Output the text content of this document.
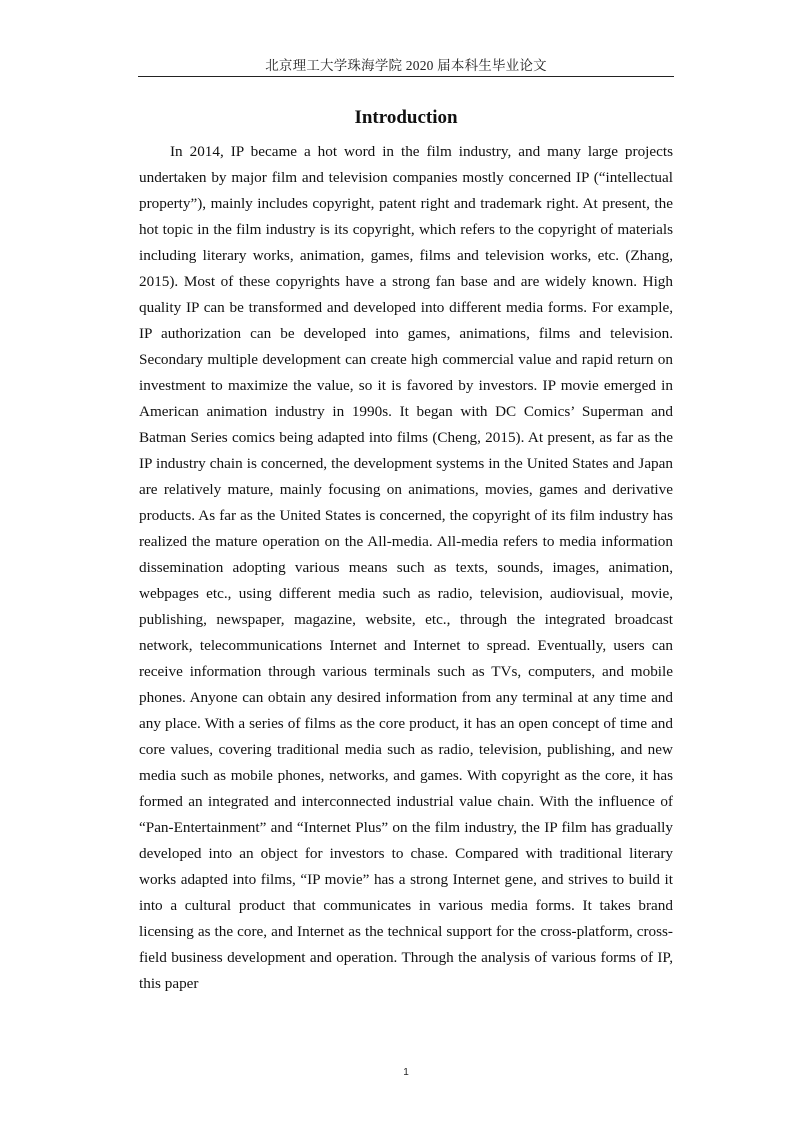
北京理工大学珠海学院 2020 届本科生毕业论文
Introduction

In 2014, IP became a hot word in the film industry, and many large projects undertaken by major film and television companies mostly concerned IP (“intellectual property”), mainly includes copyright, patent right and trademark right. At present, the hot topic in the film industry is its copyright, which refers to the copyright of materials including literary works, animation, games, films and television works, etc. (Zhang, 2015). Most of these copyrights have a strong fan base and are widely known. High quality IP can be transformed and developed into different media forms. For example, IP authorization can be developed into games, animations, films and television. Secondary multiple development can create high commercial value and rapid return on investment to maximize the value, so it is favored by investors. IP movie emerged in American animation industry in 1990s. It began with DC Comics’ Superman and Batman Series comics being adapted into films (Cheng, 2015). At present, as far as the IP industry chain is concerned, the development systems in the United States and Japan are relatively mature, mainly focusing on animations, movies, games and derivative products. As far as the United States is concerned, the copyright of its film industry has realized the mature operation on the All-media. All-media refers to media information dissemination adopting various means such as texts, sounds, images, animation, webpages etc., using different media such as radio, television, audiovisual, movie, publishing, newspaper, magazine, website, etc., through the integrated broadcast network, telecommunications Internet and Internet to spread. Eventually, users can receive information through various terminals such as TVs, computers, and mobile phones. Anyone can obtain any desired information from any terminal at any time and any place. With a series of films as the core product, it has an open concept of time and core values, covering traditional media such as radio, television, publishing, and new media such as mobile phones, networks, and games. With copyright as the core, it has formed an integrated and interconnected industrial value chain. With the influence of “Pan-Entertainment” and “Internet Plus” on the film industry, the IP film has gradually developed into an object for investors to chase. Compared with traditional literary works adapted into films, “IP movie” has a strong Internet gene, and strives to build it into a cultural product that communicates in various media forms. It takes brand licensing as the core, and Internet as the technical support for the cross-platform, cross-field business development and operation. Through the analysis of various forms of IP, this paper

1
